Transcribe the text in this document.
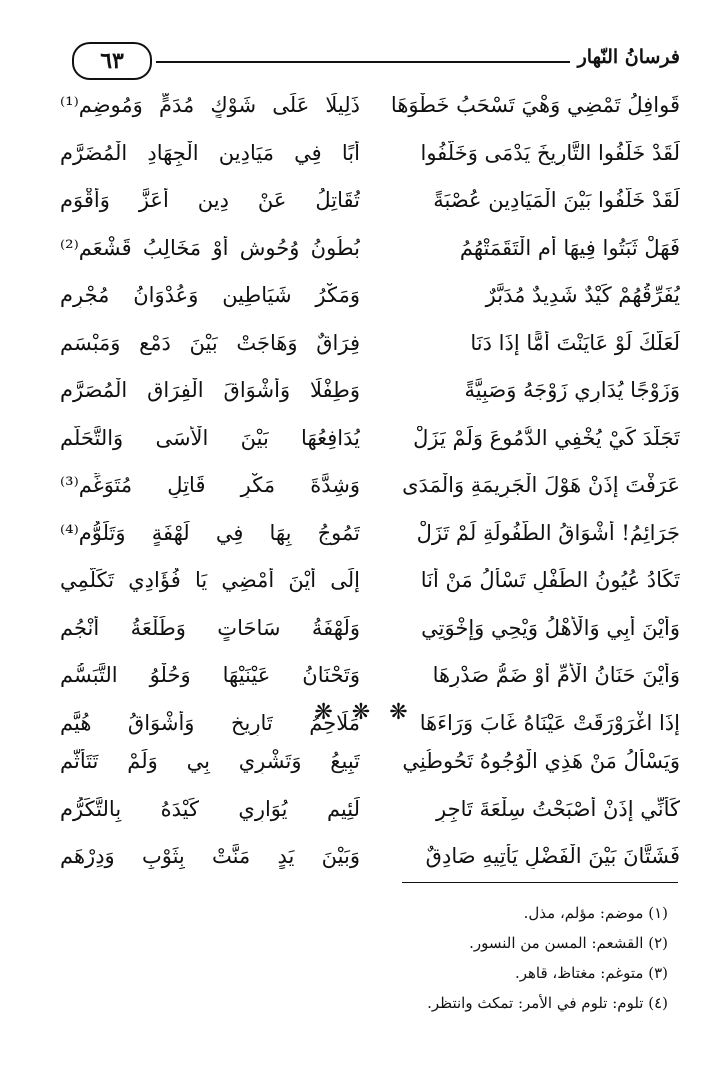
٦٣	فرسانُ النّهار
قَوافِلُ تَمْضِي وَهْيَ تَسْحَبُ خَطْوَهَا
ذَلِيلًا عَلَى شَوْكٍ مُدَمٍّ وَمُوضِمِ⁽¹⁾
لَقَدْ خَلَّفُوا التَّارِيخَ يَدْمَى وَخَلَّفُوا
أَبًا فِي مَيَادِينِ الْجِهَادِ الْمُضَرَّمِ
لَقَدْ خَلَّفُوا بَيْنَ الْمَيَادِينِ عُصْبَةً
تُقَاتِلُ عَنْ دِينٍ أَعَزَّ وَأَقْوَمِ
فَهَلْ ثَبَتُوا فِيهَا أَمِ الْتَقَمَتْهُمُ
بُطُونُ وُحُوشٍ أَوْ مَخَالِبُ قَشْعَمِ⁽²⁾
يُفَرِّقُهُمْ كَيْدٌ شَدِيدٌ مُدَبَّرٌ
وَمَكْرُ شَيَاطِينٍ وَعُدْوَانُ مُجْرِمِ
لَعَلَّكَ لَوْ عَايَنْتَ أُمًّا إِذَا دَنَا
فِرَاقٌ وَهَاجَتْ بَيْنَ دَمْعٍ وَمَبْسَمِ
وَزَوْجًا يُدَارِي زَوْجَهُ وَصَبِيَّةً
وَطِفْلًا وَأَشْوَاقَ الْفِرَاقِ الْمُصَرَّمِ
تَجَلَّدَ كَيْ يُخْفِي الدُّمُوعَ وَلَمْ يَزَلْ
يُدَافِعُهَا بَيْنَ الْأَسَى وَالتَّحَلُّمِ
عَرَفْتَ إِذَنْ هَوْلَ الْجَرِيمَةِ وَالْمَدَى
وَشِدَّةَ مَكْرٍ قَاتِلٍ مُتَوَغِّمِ⁽³⁾
جَرَائِمُ! أَشْوَاقُ الطُّفُولَةِ لَمْ تَزَلْ
تَمُوجُ بِهَا فِي لَهْفَةٍ وَتَلَوُّمِ⁽⁴⁾
تَكَادُ عُيُونُ الطِّفْلِ تَسْأَلُ مَنْ أَنَا
إِلَى أَيْنَ أَمْضِي يَا فُؤَادِي تَكَلَّمِي
وَأَيْنَ أَبِي وَالْأَهْلُ وَيْحِي وَإِخْوَتِي
وَلَهْفَةُ سَاحَاتٍ وَطَلْعَةُ أَنْجُمِ
وَأَيْنَ حَنَانُ الْأُمِّ أَوْ ضَمُّ صَدْرِهَا
وَتَحْنَانُ عَيْنَيْهَا وَحُلْوُ التَّبَسُّمِ
إِذَا اغْرَوْرَقَتْ عَيْنَاهُ غَابَ وَرَاءَهَا
مَلَاحِمُ تَارِيخٍ وَأَشْوَاقُ هُيَّمِ
❋ ❋ ❋
وَيَسْأَلُ مَنْ هَذِي الْوُجُوهُ تَحُوطُنِي
تَبِيعُ وَتَشْرِي بِي وَلَمْ تَتَأَثَّمِ
كَأَنِّي إِذَنْ أَصْبَحْتُ سِلْعَةَ تَاجِرٍ
لَئِيمٍ يُوَارِي كَيْدَهُ بِالتَّكَرُّمِ
فَشَتَّانَ بَيْنَ الْفَضْلِ يَأْتِيهِ صَادِقٌ
وَبَيْنَ يَدٍ مَنَّتْ بِثَوْبٍ وَدِرْهَمِ
(١) موضم: مؤلم، مذل.
(٢) القشعم: المسن من النسور.
(٣) متوغم: مغتاظ، قاهر.
(٤) تلوم: تلوم في الأمر: تمكث وانتظر.
